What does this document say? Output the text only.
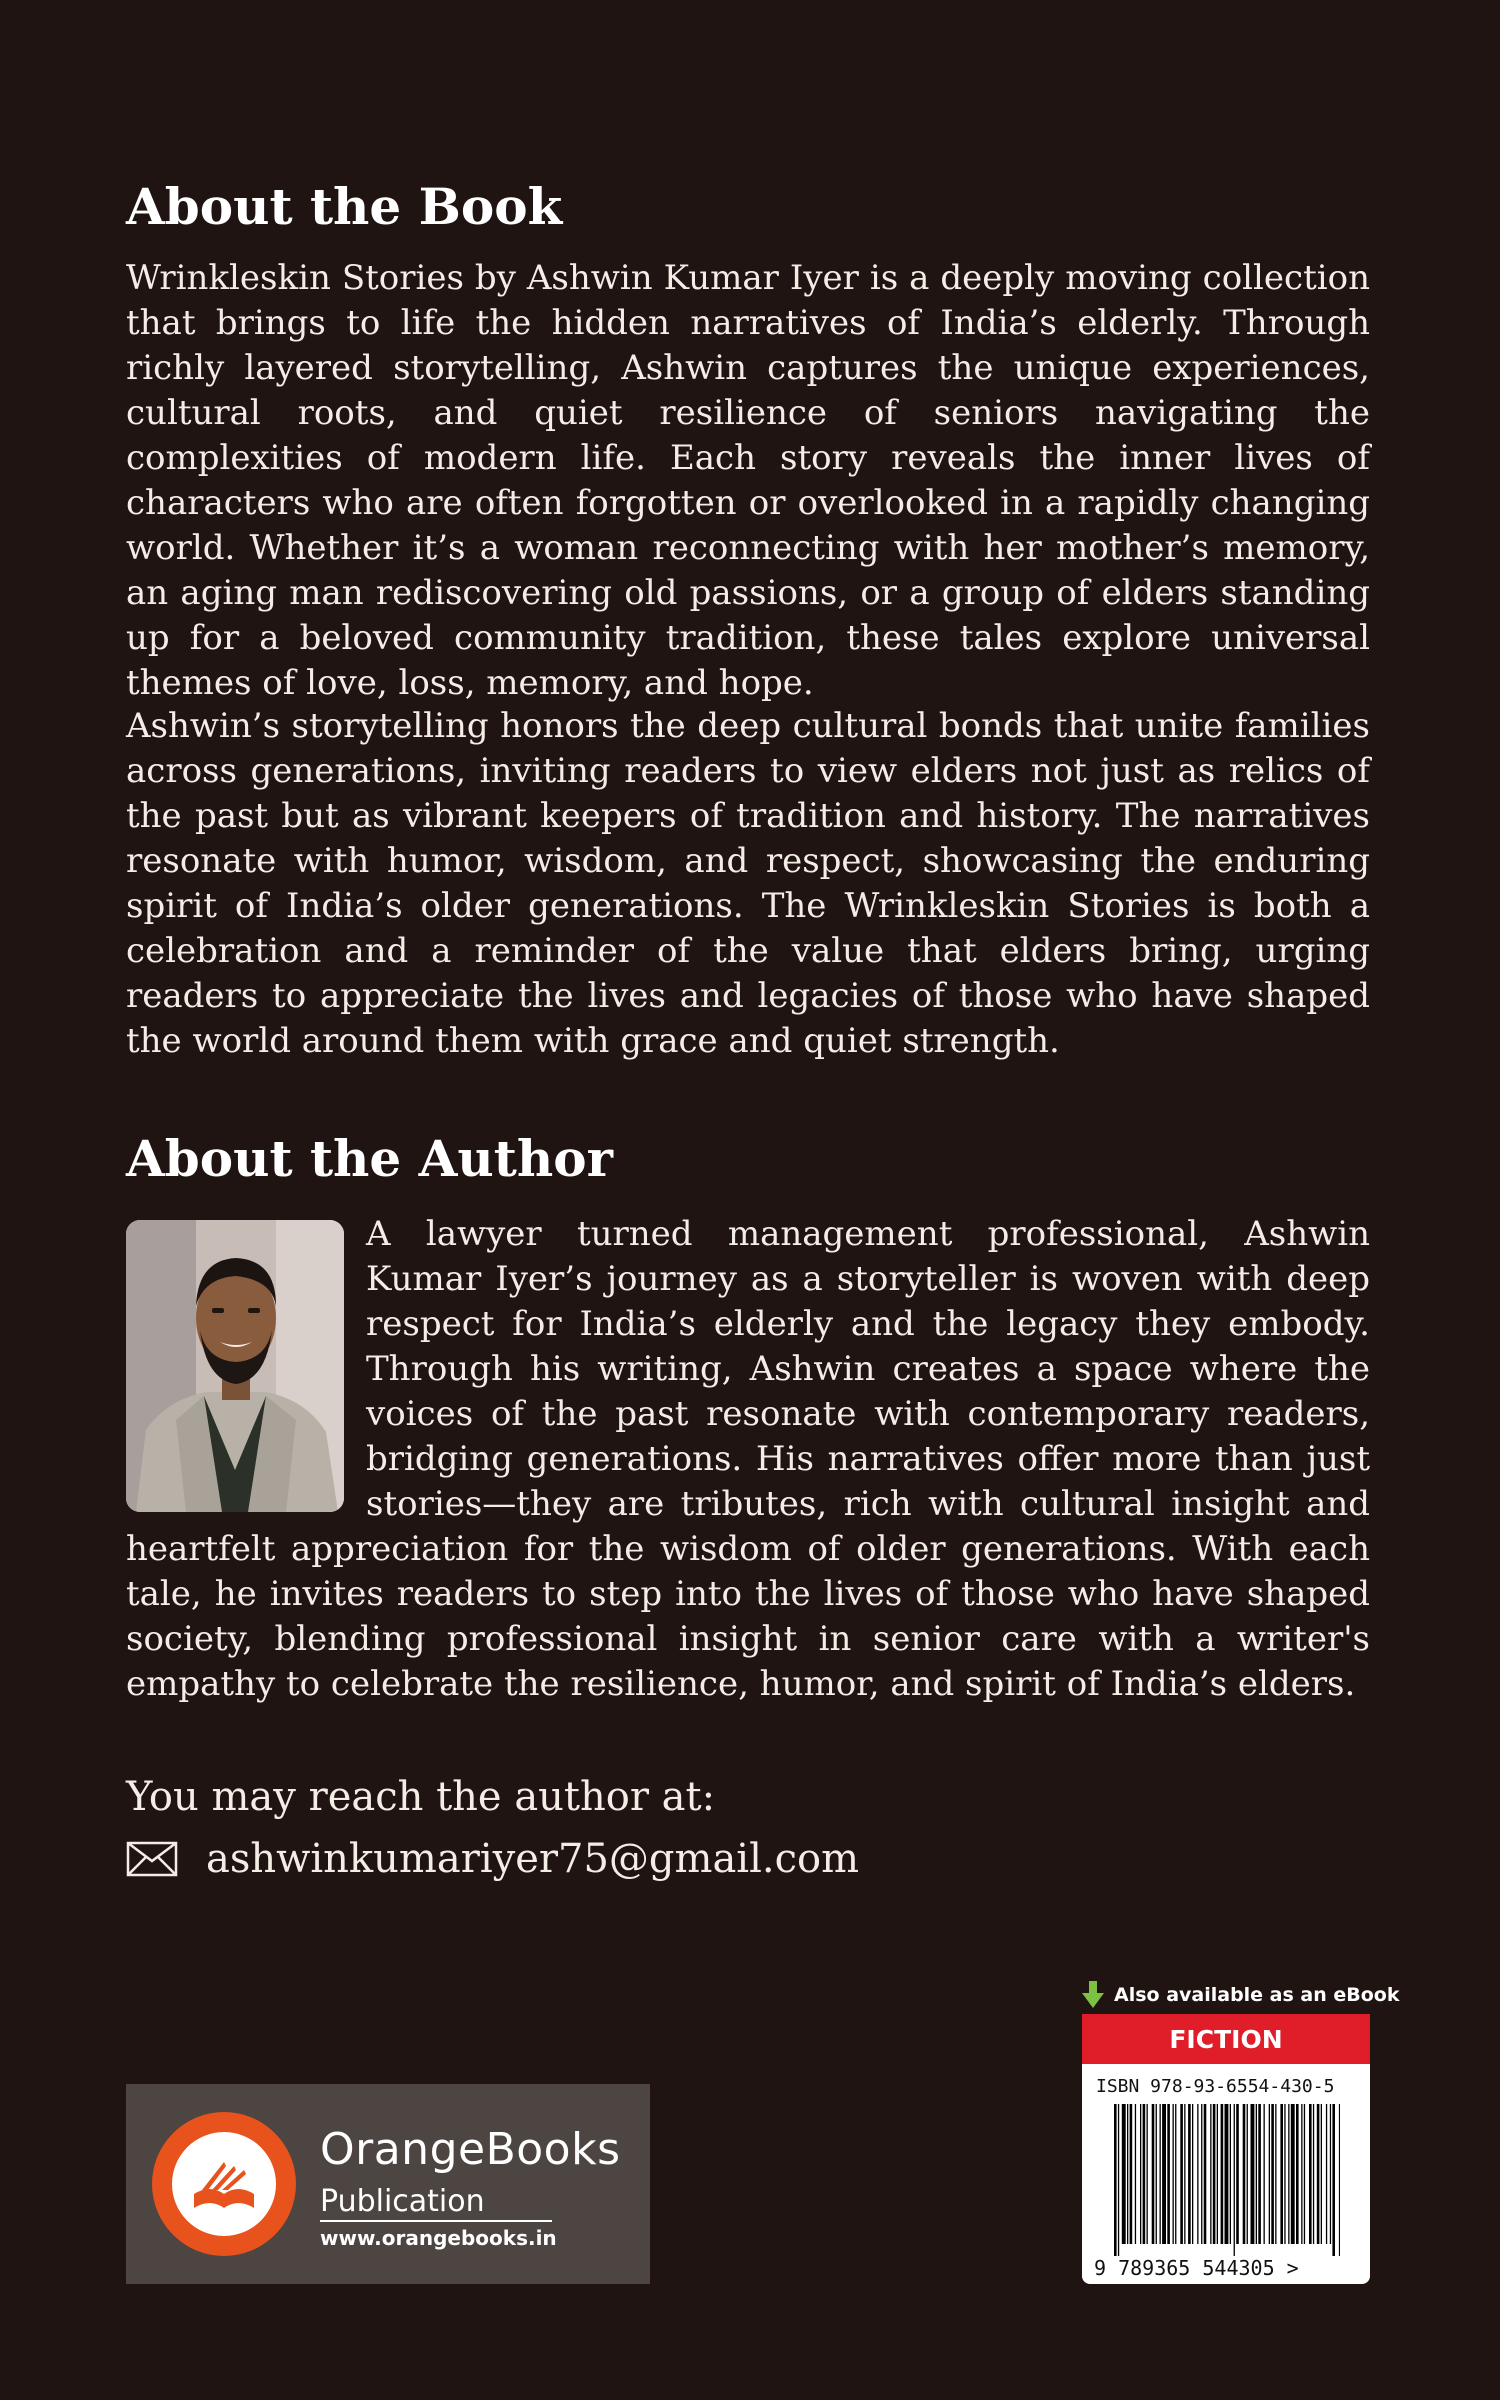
About the Book

Wrinkleskin Stories by Ashwin Kumar Iyer is a deeply moving collection that brings to life the hidden narratives of India’s elderly. Through richly layered storytelling, Ashwin captures the unique experiences, cultural roots, and quiet resilience of seniors navigating the complexities of modern life. Each story reveals the inner lives of characters who are often forgotten or overlooked in a rapidly changing world. Whether it’s a woman reconnecting with her mother’s memory, an aging man rediscovering old passions, or a group of elders standing up for a beloved community tradition, these tales explore universal themes of love, loss, memory, and hope.

Ashwin’s storytelling honors the deep cultural bonds that unite families across generations, inviting readers to view elders not just as relics of the past but as vibrant keepers of tradition and history. The narratives resonate with humor, wisdom, and respect, showcasing the enduring spirit of India’s older generations. The Wrinkleskin Stories is both a celebration and a reminder of the value that elders bring, urging readers to appreciate the lives and legacies of those who have shaped the world around them with grace and quiet strength.

About the Author

A lawyer turned management professional, Ashwin Kumar Iyer’s journey as a storyteller is woven with deep respect for India’s elderly and the legacy they embody. Through his writing, Ashwin creates a space where the voices of the past resonate with contemporary readers, bridging generations. His narratives offer more than just stories—they are tributes, rich with cultural insight and heartfelt appreciation for the wisdom of older generations. With each tale, he invites readers to step into the lives of those who have shaped society, blending professional insight in senior care with a writer's empathy to celebrate the resilience, humor, and spirit of India’s elders.

You may reach the author at:
ashwinkumariyer75@gmail.com
OrangeBooks
Publication
www.orangebooks.in
Also available as an eBook
FICTION
ISBN 978-93-6554-430-5
9 789365 544305 >
